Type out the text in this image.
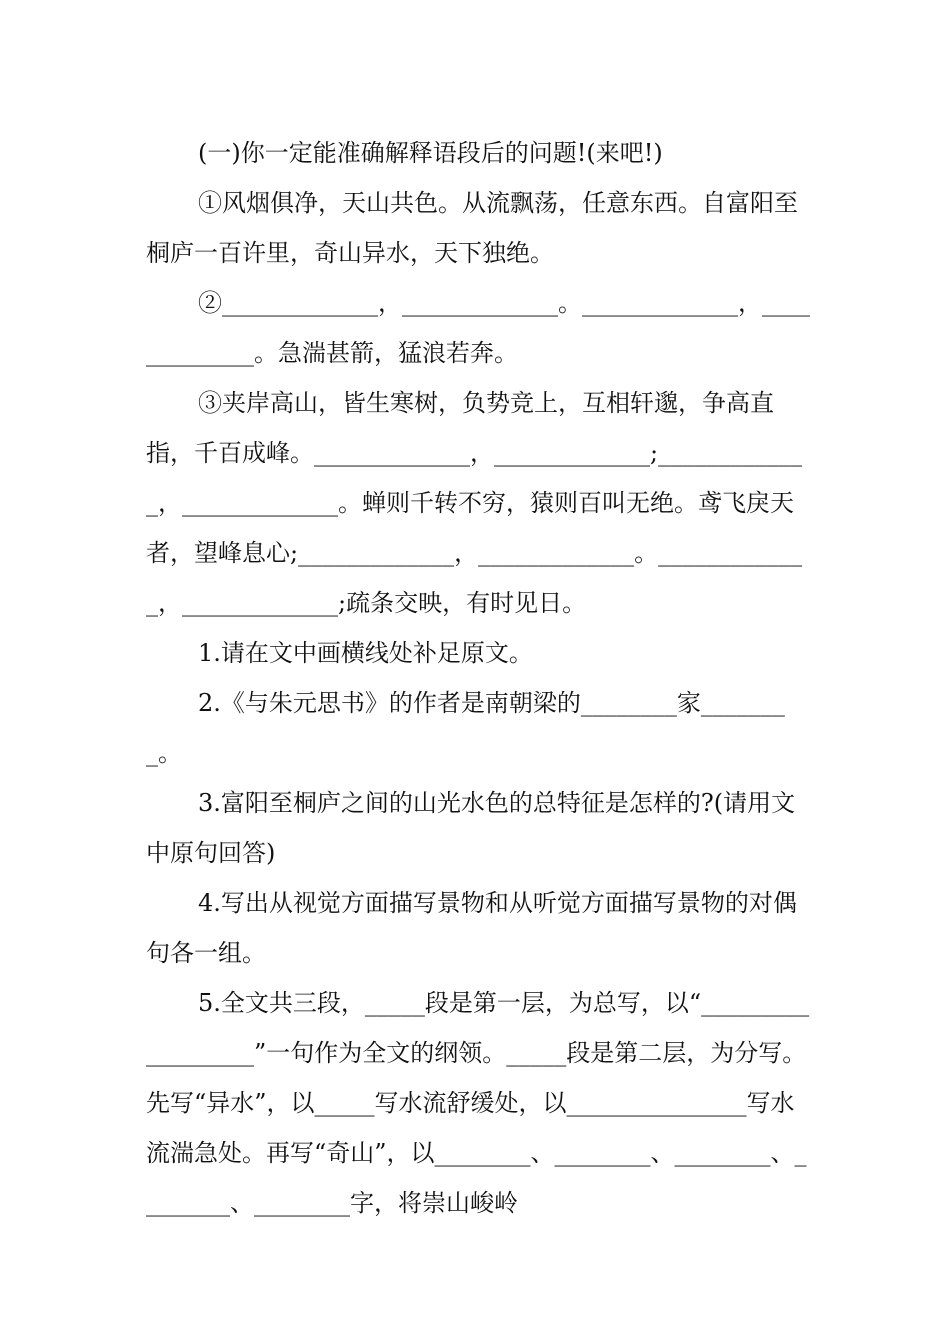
(一)你一定能准确解释语段后的问题!(来吧!)

①风烟俱净，天山共色。从流飘荡，任意东西。自富阳至桐庐一百许里，奇山异水，天下独绝。

②_____________，_____________。_____________，_____________。急湍甚箭，猛浪若奔。

③夹岸高山，皆生寒树，负势竞上，互相轩邈，争高直指，千百成峰。_____________，_____________;_____________，_____________。蝉则千转不穷，猿则百叫无绝。鸢飞戾天者，望峰息心;_____________，_____________。_____________，_____________;疏条交映，有时见日。

1.请在文中画横线处补足原文。

2.《与朱元思书》的作者是南朝梁的________家________。

3.富阳至桐庐之间的山光水色的总特征是怎样的?(请用文中原句回答)

4.写出从视觉方面描写景物和从听觉方面描写景物的对偶句各一组。

5.全文共三段，_____段是第一层，为总写，以“__________________”一句作为全文的纲领。_____段是第二层，为分写。先写“异水”，以_____写水流舒缓处，以_______________写水流湍急处。再写“奇山”，以________、________、________、________、________字，将崇山峻岭
